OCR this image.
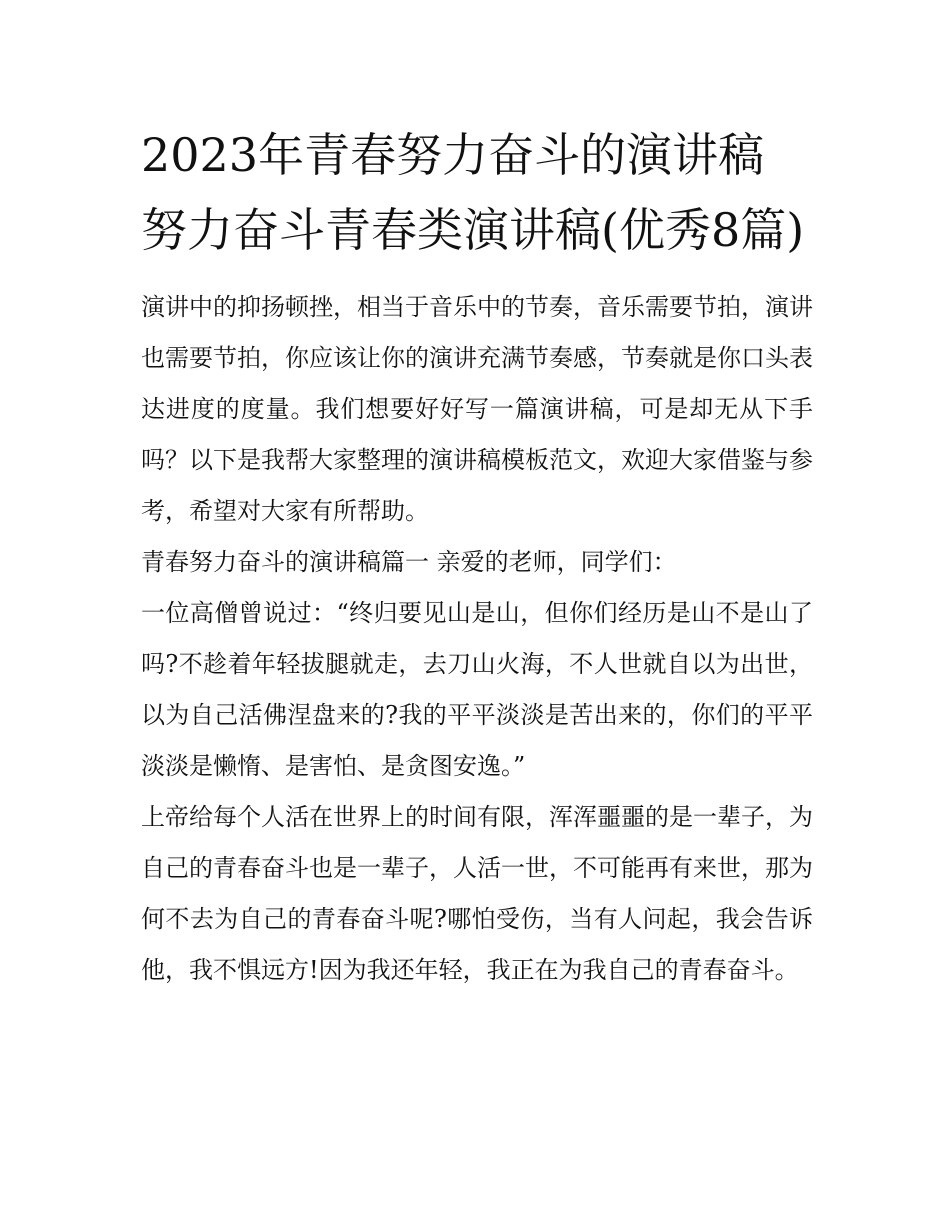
2023年青春努力奋斗的演讲稿 努力奋斗青春类演讲稿(优秀8篇)

演讲中的抑扬顿挫，相当于音乐中的节奏，音乐需要节拍，演讲也需要节拍，你应该让你的演讲充满节奏感，节奏就是你口头表达进度的度量。我们想要好好写一篇演讲稿，可是却无从下手吗？以下是我帮大家整理的演讲稿模板范文，欢迎大家借鉴与参考，希望对大家有所帮助。

青春努力奋斗的演讲稿篇一 亲爱的老师，同学们：

一位高僧曾说过：“终归要见山是山，但你们经历是山不是山了吗?不趁着年轻拔腿就走，去刀山火海，不人世就自以为出世，以为自己活佛涅盘来的?我的平平淡淡是苦出来的，你们的平平淡淡是懒惰、是害怕、是贪图安逸。”

上帝给每个人活在世界上的时间有限，浑浑噩噩的是一辈子，为自己的青春奋斗也是一辈子，人活一世，不可能再有来世，那为何不去为自己的青春奋斗呢?哪怕受伤，当有人问起，我会告诉他，我不惧远方!因为我还年轻，我正在为我自己的青春奋斗。
